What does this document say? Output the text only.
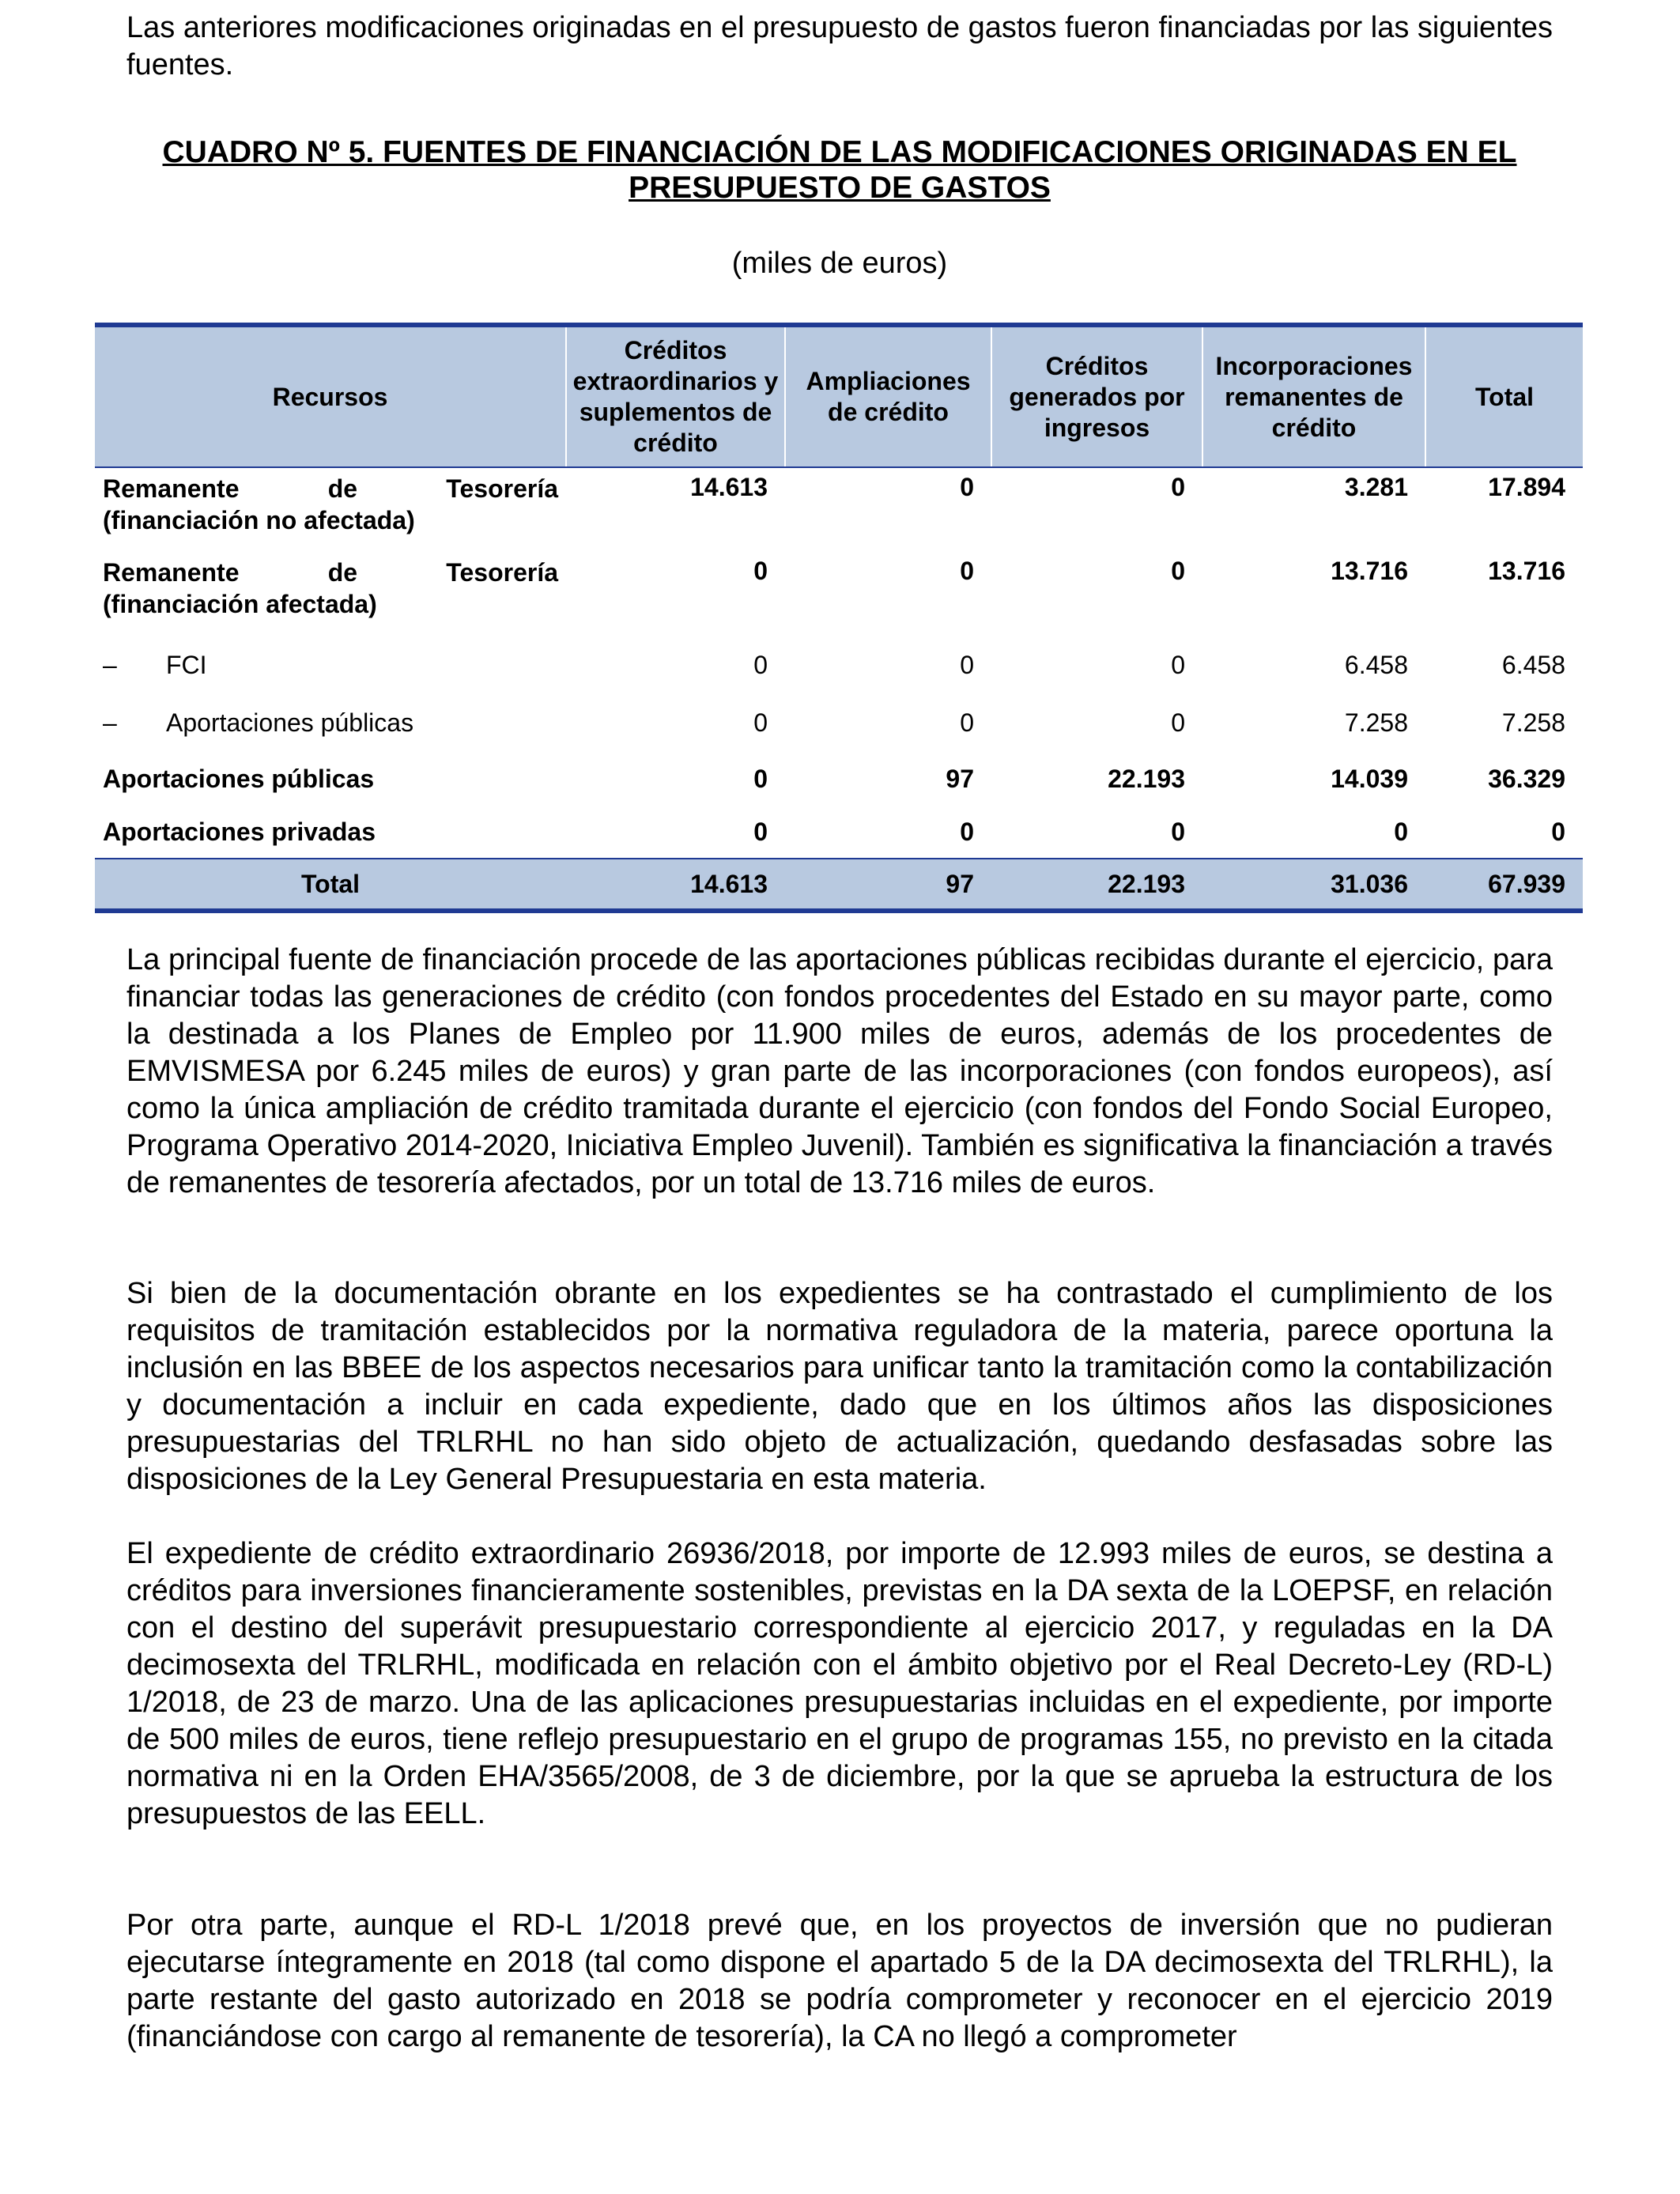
Las anteriores modificaciones originadas en el presupuesto de gastos fueron financiadas por las siguientes fuentes.

CUADRO Nº 5. FUENTES DE FINANCIACIÓN DE LAS MODIFICACIONES ORIGINADAS EN EL PRESUPUESTO DE GASTOS

(miles de euros)

Recursos	Créditos extraordinarios y suplementos de crédito	Ampliaciones de crédito	Créditos generados por ingresos	Incorporaciones remanentes de crédito	Total

Remanente de Tesorería
(financiación no afectada)	14.613	0	0	3.281	17.894

Remanente de Tesorería
(financiación afectada)	0	0	0	13.716	13.716
– FCI	0	0	0	6.458	6.458
– Aportaciones públicas	0	0	0	7.258	7.258
Aportaciones públicas	0	97	22.193	14.039	36.329
Aportaciones privadas	0	0	0	0	0
Total	14.613	97	22.193	31.036	67.939

La principal fuente de financiación procede de las aportaciones públicas recibidas durante el ejercicio, para financiar todas las generaciones de crédito (con fondos procedentes del Estado en su mayor parte, como la destinada a los Planes de Empleo por 11.900 miles de euros, además de los procedentes de EMVISMESA por 6.245 miles de euros) y gran parte de las incorporaciones (con fondos europeos), así como la única ampliación de crédito tramitada durante el ejercicio (con fondos del Fondo Social Europeo, Programa Operativo 2014-2020, Iniciativa Empleo Juvenil). También es significativa la financiación a través de remanentes de tesorería afectados, por un total de 13.716 miles de euros.

Si bien de la documentación obrante en los expedientes se ha contrastado el cumplimiento de los requisitos de tramitación establecidos por la normativa reguladora de la materia, parece oportuna la inclusión en las BBEE de los aspectos necesarios para unificar tanto la tramitación como la contabilización y documentación a incluir en cada expediente, dado que en los últimos años las disposiciones presupuestarias del TRLRHL no han sido objeto de actualización, quedando desfasadas sobre las disposiciones de la Ley General Presupuestaria en esta materia.

El expediente de crédito extraordinario 26936/2018, por importe de 12.993 miles de euros, se destina a créditos para inversiones financieramente sostenibles, previstas en la DA sexta de la LOEPSF, en relación con el destino del superávit presupuestario correspondiente al ejercicio 2017, y reguladas en la DA decimosexta del TRLRHL, modificada en relación con el ámbito objetivo por el Real Decreto-Ley (RD-L) 1/2018, de 23 de marzo. Una de las aplicaciones presupuestarias incluidas en el expediente, por importe de 500 miles de euros, tiene reflejo presupuestario en el grupo de programas 155, no previsto en la citada normativa ni en la Orden EHA/3565/2008, de 3 de diciembre, por la que se aprueba la estructura de los presupuestos de las EELL.

Por otra parte, aunque el RD-L 1/2018 prevé que, en los proyectos de inversión que no pudieran ejecutarse íntegramente en 2018 (tal como dispone el apartado 5 de la DA decimosexta del TRLRHL), la parte restante del gasto autorizado en 2018 se podría comprometer y reconocer en el ejercicio 2019 (financiándose con cargo al remanente de tesorería), la CA no llegó a comprometer
